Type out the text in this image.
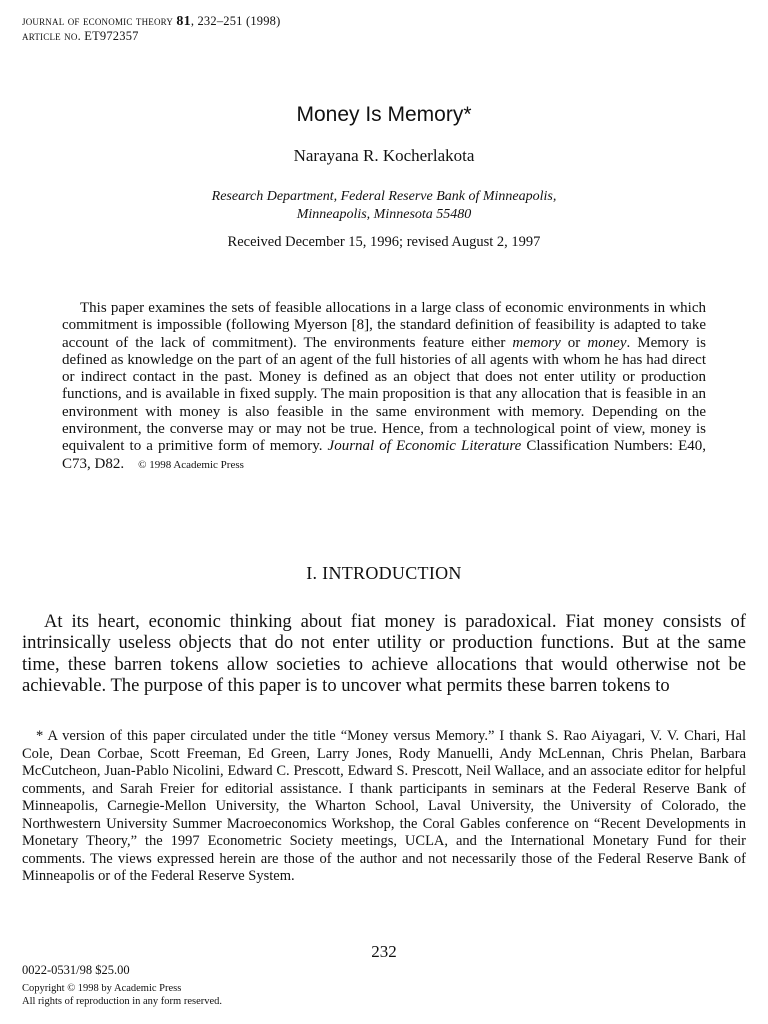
journal of economic theory 81, 232–251 (1998)
article no. ET972357
Money Is Memory*
Narayana R. Kocherlakota
Research Department, Federal Reserve Bank of Minneapolis,
Minneapolis, Minnesota 55480
Received December 15, 1996; revised August 2, 1997
This paper examines the sets of feasible allocations in a large class of economic environments in which commitment is impossible (following Myerson [8], the standard definition of feasibility is adapted to take account of the lack of commitment). The environments feature either memory or money. Memory is defined as knowledge on the part of an agent of the full histories of all agents with whom he has had direct or indirect contact in the past. Money is defined as an object that does not enter utility or production functions, and is available in fixed supply. The main proposition is that any allocation that is feasible in an environment with money is also feasible in the same environment with memory. Depending on the environment, the converse may or may not be true. Hence, from a technological point of view, money is equivalent to a primitive form of memory. Journal of Economic Literature Classification Numbers: E40, C73, D82. © 1998 Academic Press
I. INTRODUCTION
At its heart, economic thinking about fiat money is paradoxical. Fiat money consists of intrinsically useless objects that do not enter utility or production functions. But at the same time, these barren tokens allow societies to achieve allocations that would otherwise not be achievable. The purpose of this paper is to uncover what permits these barren tokens to
* A version of this paper circulated under the title “Money versus Memory.” I thank S. Rao Aiyagari, V. V. Chari, Hal Cole, Dean Corbae, Scott Freeman, Ed Green, Larry Jones, Rody Manuelli, Andy McLennan, Chris Phelan, Barbara McCutcheon, Juan-Pablo Nicolini, Edward C. Prescott, Edward S. Prescott, Neil Wallace, and an associate editor for helpful comments, and Sarah Freier for editorial assistance. I thank participants in seminars at the Federal Reserve Bank of Minneapolis, Carnegie-Mellon University, the Wharton School, Laval University, the University of Colorado, the Northwestern University Summer Macroeconomics Workshop, the Coral Gables conference on “Recent Developments in Monetary Theory,” the 1997 Econometric Society meetings, UCLA, and the International Monetary Fund for their comments. The views expressed herein are those of the author and not necessarily those of the Federal Reserve Bank of Minneapolis or of the Federal Reserve System.
232
0022-0531/98 $25.00
Copyright © 1998 by Academic Press
All rights of reproduction in any form reserved.
